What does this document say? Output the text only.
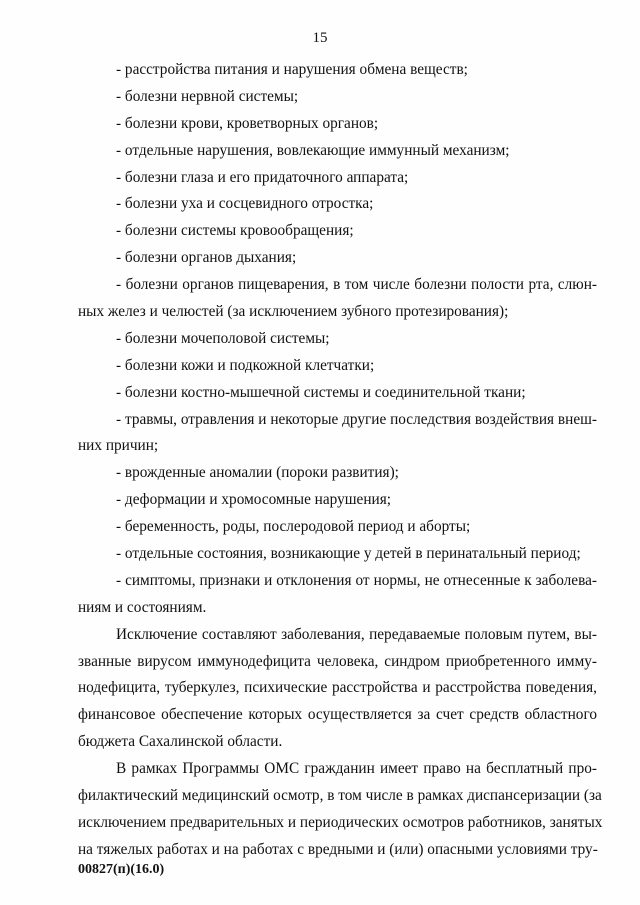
15
- расстройства питания и нарушения обмена веществ;
- болезни нервной системы;
- болезни крови, кроветворных органов;
- отдельные нарушения, вовлекающие иммунный механизм;
- болезни глаза и его придаточного аппарата;
- болезни уха и сосцевидного отростка;
- болезни системы кровообращения;
- болезни органов дыхания;
- болезни органов пищеварения, в том числе болезни полости рта, слюн-
ных желез и челюстей (за исключением зубного протезирования);
- болезни мочеполовой системы;
- болезни кожи и подкожной клетчатки;
- болезни костно-мышечной системы и соединительной ткани;
- травмы, отравления и некоторые другие последствия воздействия внеш-
них причин;
- врожденные аномалии (пороки развития);
- деформации и хромосомные нарушения;
- беременность, роды, послеродовой период и аборты;
- отдельные состояния, возникающие у детей в перинатальный период;
- симптомы, признаки и отклонения от нормы, не отнесенные к заболева-
ниям и состояниям.
Исключение составляют заболевания, передаваемые половым путем, вы-
званные вирусом иммунодефицита человека, синдром приобретенного имму-
нодефицита, туберкулез, психические расстройства и расстройства поведения,
финансовое обеспечение которых осуществляется за счет средств областного
бюджета Сахалинской области.
В рамках Программы ОМС гражданин имеет право на бесплатный про-
филактический медицинский осмотр, в том числе в рамках диспансеризации (за
исключением предварительных и периодических осмотров работников, занятых
на тяжелых работах и на работах с вредными и (или) опасными условиями тру-
00827(п)(16.0)
